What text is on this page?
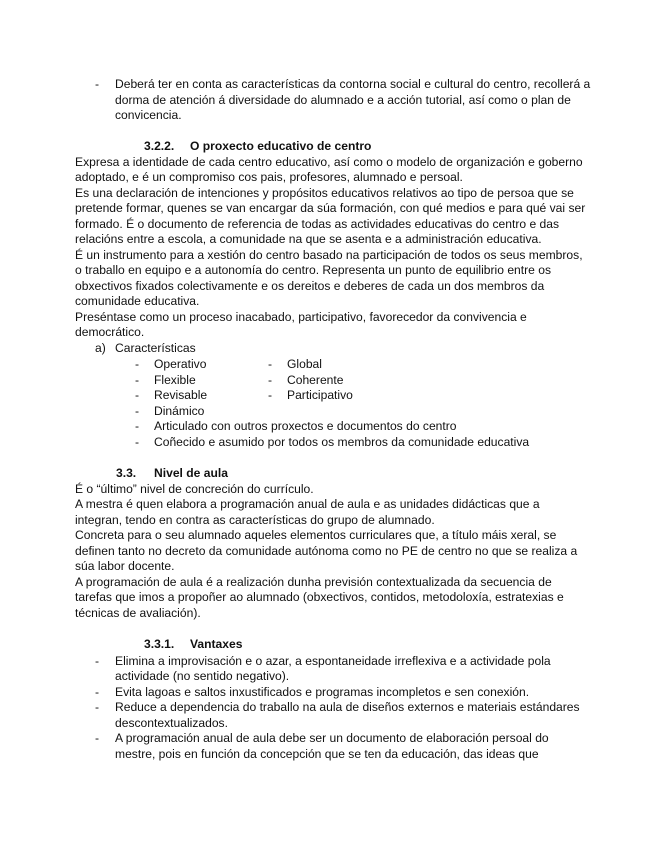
- Deberá ter en conta as características da contorna social e cultural do centro, recollerá a
dorma de atención á diversidade do alumnado e a acción tutorial, así como o plan de
convicencia.
3.2.2. O proxecto educativo de centro
Expresa a identidade de cada centro educativo, así como o modelo de organización e goberno
adoptado, e é un compromiso cos pais, profesores, alumnado e persoal.
Es una declaración de intenciones y propósitos educativos relativos ao tipo de persoa que se
pretende formar, quenes se van encargar da súa formación, con qué medios e para qué vai ser
formado. É o documento de referencia de todas as actividades educativas do centro e das
relacións entre a escola, a comunidade na que se asenta e a administración educativa.
É un instrumento para a xestión do centro basado na participación de todos os seus membros,
o traballo en equipo e a autonomía do centro. Representa un punto de equilibrio entre os
obxectivos fixados colectivamente e os dereitos e deberes de cada un dos membros da
comunidade educativa.
Preséntase como un proceso inacabado, participativo, favorecedor da convivencia e
democrático.
a) Características
- Operativo	- Global
- Flexible	- Coherente
- Revisable	- Participativo
- Dinámico
- Articulado con outros proxectos e documentos do centro
- Coñecido e asumido por todos os membros da comunidade educativa
3.3. Nivel de aula
É o “último” nivel de concreción do currículo.
A mestra é quen elabora a programación anual de aula e as unidades didácticas que a
integran, tendo en contra as características do grupo de alumnado.
Concreta para o seu alumnado aqueles elementos curriculares que, a título máis xeral, se
definen tanto no decreto da comunidade autónoma como no PE de centro no que se realiza a
súa labor docente.
A programación de aula é a realización dunha previsión contextualizada da secuencia de
tarefas que imos a propoñer ao alumnado (obxectivos, contidos, metodoloxía, estratexias e
técnicas de avaliación).
3.3.1. Vantaxes
- Elimina a improvisación e o azar, a espontaneidade irreflexiva e a actividade pola
actividade (no sentido negativo).
- Evita lagoas e saltos inxustificados e programas incompletos e sen conexión.
- Reduce a dependencia do traballo na aula de diseños externos e materiais estándares
descontextualizados.
- A programación anual de aula debe ser un documento de elaboración persoal do
mestre, pois en función da concepción que se ten da educación, das ideas que
